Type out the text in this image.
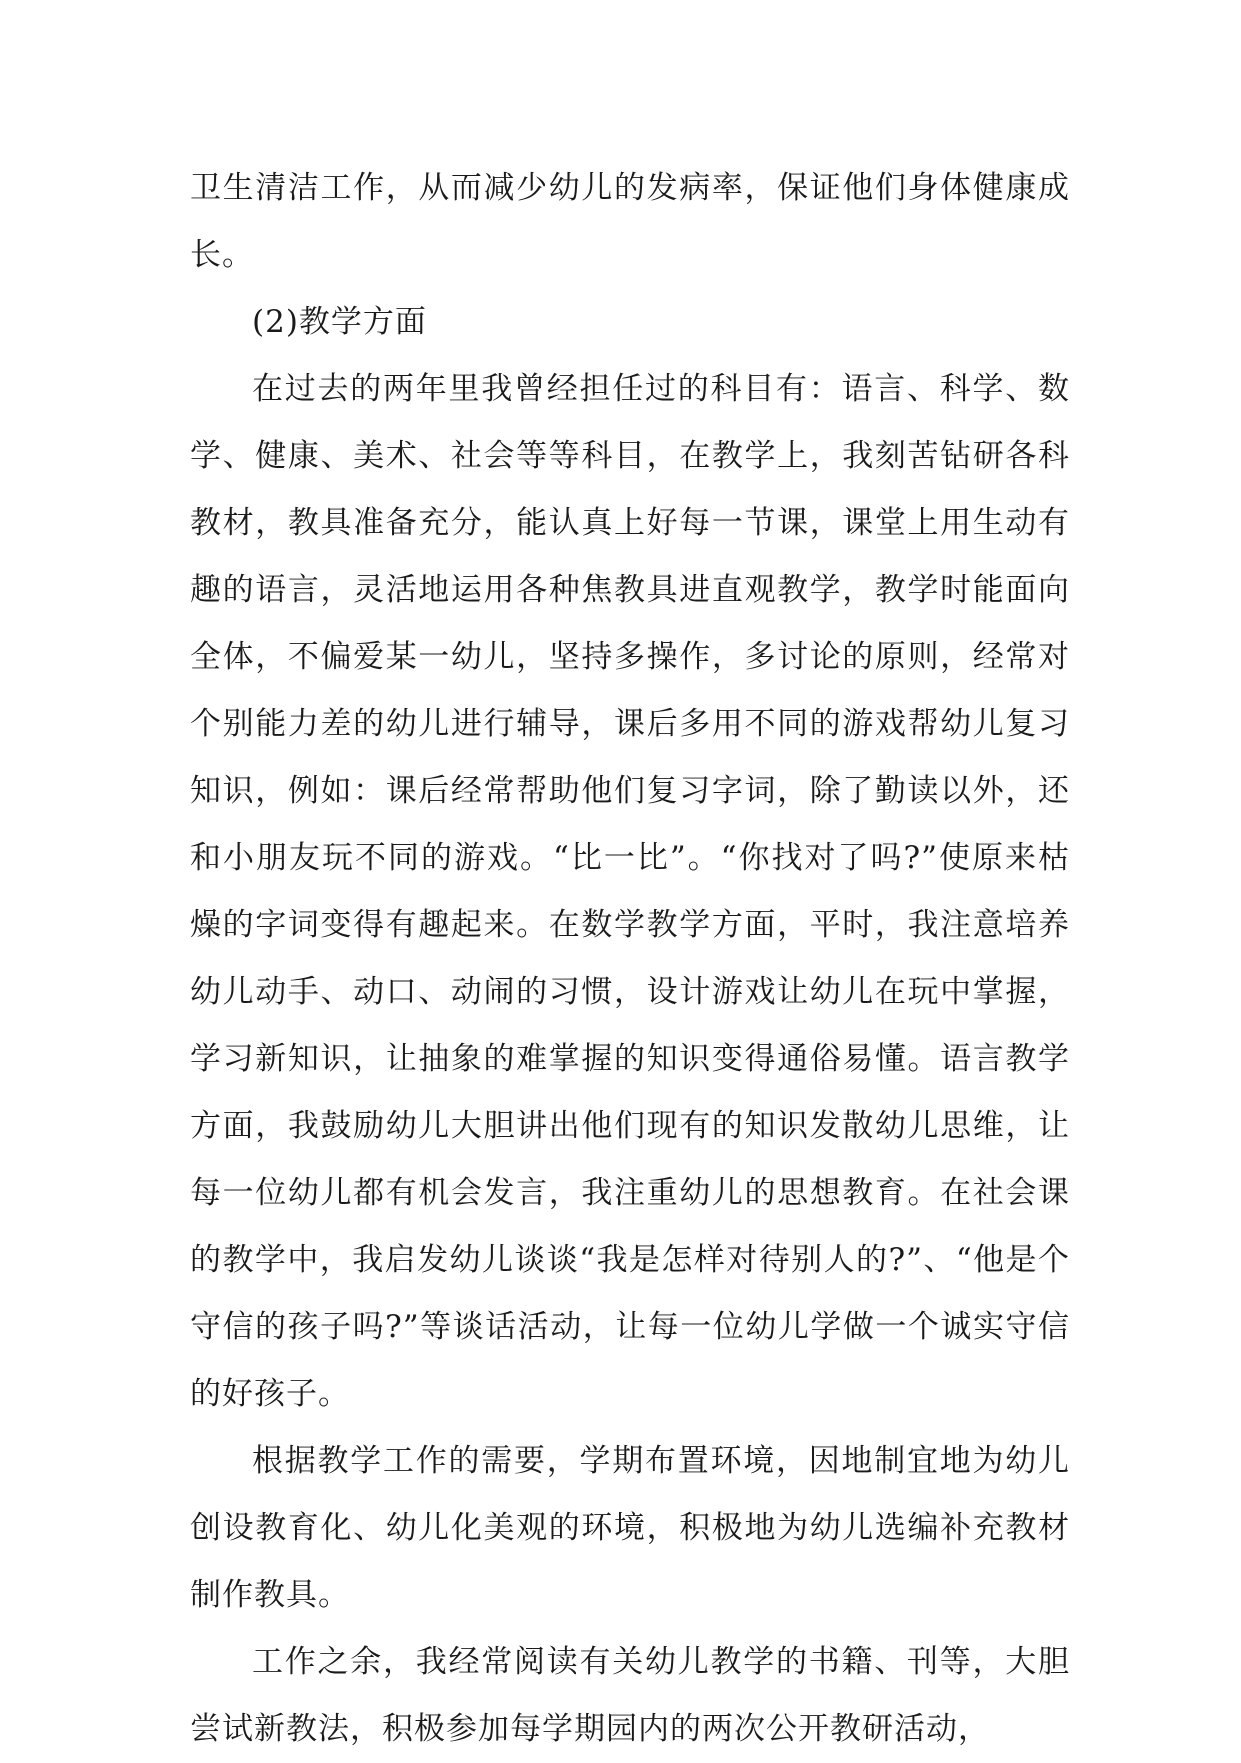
卫生清洁工作，从而减少幼儿的发病率，保证他们身体健康成长。

(2)教学方面

在过去的两年里我曾经担任过的科目有：语言、科学、数学、健康、美术、社会等等科目，在教学上，我刻苦钻研各科教材，教具准备充分，能认真上好每一节课，课堂上用生动有趣的语言，灵活地运用各种焦教具进直观教学，教学时能面向全体，不偏爱某一幼儿，坚持多操作，多讨论的原则，经常对个别能力差的幼儿进行辅导，课后多用不同的游戏帮幼儿复习知识，例如：课后经常帮助他们复习字词，除了勤读以外，还和小朋友玩不同的游戏。“比一比”。“你找对了吗?”使原来枯燥的字词变得有趣起来。在数学教学方面，平时，我注意培养幼儿动手、动口、动闹的习惯，设计游戏让幼儿在玩中掌握，学习新知识，让抽象的难掌握的知识变得通俗易懂。语言教学方面，我鼓励幼儿大胆讲出他们现有的知识发散幼儿思维，让每一位幼儿都有机会发言，我注重幼儿的思想教育。在社会课的教学中，我启发幼儿谈谈“我是怎样对待别人的?”、“他是个守信的孩子吗?”等谈话活动，让每一位幼儿学做一个诚实守信的好孩子。

根据教学工作的需要，学期布置环境，因地制宜地为幼儿创设教育化、幼儿化美观的环境，积极地为幼儿选编补充教材制作教具。

工作之余，我经常阅读有关幼儿教学的书籍、刊等，大胆尝试新教法，积极参加每学期园内的两次公开教研活动，
